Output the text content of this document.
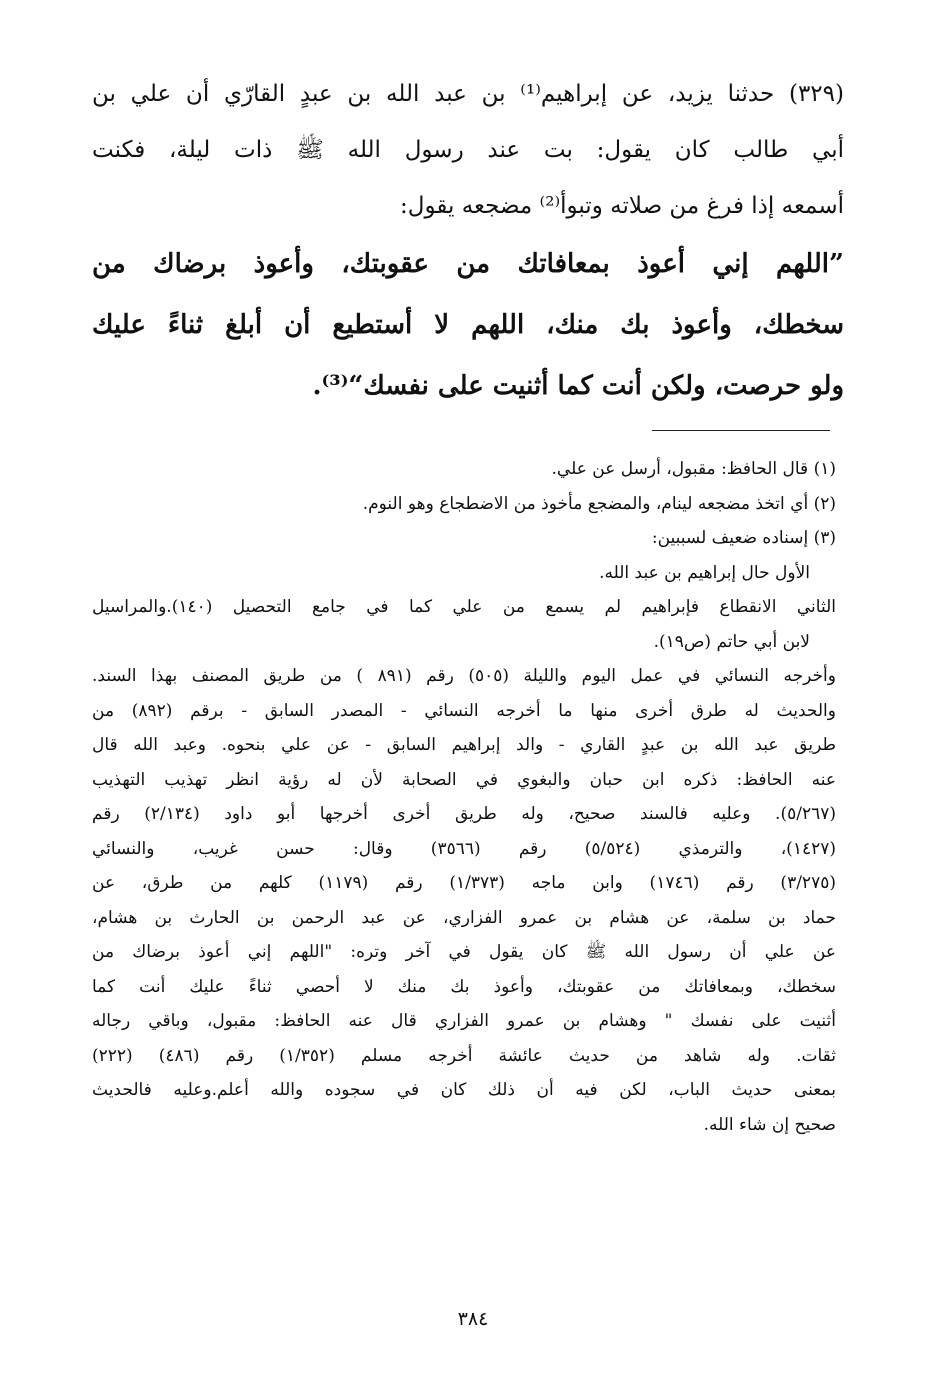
(٣٢٩) حدثنا يزيد، عن إبراهيم⁽¹⁾ بن عبد الله بن عبدٍ القارّي أن علي بن
أبي طالب كان يقول: بت عند رسول الله ﷺ ذات ليلة، فكنت
أسمعه إذا فرغ من صلاته وتبوأ⁽²⁾ مضجعه يقول:
”اللهم إني أعوذ بمعافاتك من عقوبتك، وأعوذ برضاك من
سخطك، وأعوذ بك منك، اللهم لا أستطيع أن أبلغ ثناءً عليك
ولو حرصت، ولكن أنت كما أثنيت على نفسك“⁽³⁾.
(١) قال الحافظ: مقبول، أرسل عن علي.
(٢) أي اتخذ مضجعه لينام، والمضجع مأخوذ من الاضطجاع وهو النوم.
(٣) إسناده ضعيف لسببين:
الأول حال إبراهيم بن عبد الله.
الثاني الانقطاع فإبراهيم لم يسمع من علي كما في جامع التحصيل (١٤٠).والمراسيل
لابن أبي حاتم (ص١٩).
وأخرجه النسائي في عمل اليوم والليلة (٥٠٥) رقم (٨٩١ ) من طريق المصنف بهذا السند.
والحديث له طرق أخرى منها ما أخرجه النسائي - المصدر السابق - برقم (٨٩٢) من
طريق عبد الله بن عبدٍ القاري - والد إبراهيم السابق - عن علي بنحوه. وعبد الله قال
عنه الحافظ: ذكره ابن حبان والبغوي في الصحابة لأن له رؤية انظر تهذيب التهذيب
(٥/٢٦٧). وعليه فالسند صحيح، وله طريق أخرى أخرجها أبو داود (٢/١٣٤) رقم
(١٤٢٧)، والترمذي (٥/٥٢٤) رقم (٣٥٦٦) وقال: حسن غريب، والنسائي
(٣/٢٧٥) رقم (١٧٤٦) وابن ماجه (١/٣٧٣) رقم (١١٧٩) كلهم من طرق، عن
حماد بن سلمة، عن هشام بن عمرو الفزاري، عن عبد الرحمن بن الحارث بن هشام،
عن علي أن رسول الله ﷺ كان يقول في آخر وتره: "اللهم إني أعوذ برضاك من
سخطك، وبمعافاتك من عقوبتك، وأعوذ بك منك لا أحصي ثناءً عليك أنت كما
أثنيت على نفسك " وهشام بن عمرو الفزاري قال عنه الحافظ: مقبول، وباقي رجاله
ثقات. وله شاهد من حديث عائشة أخرجه مسلم (١/٣٥٢) رقم (٤٨٦) (٢٢٢)
بمعنى حديث الباب، لكن فيه أن ذلك كان في سجوده والله أعلم.وعليه فالحديث
صحيح إن شاء الله.
٣٨٤
